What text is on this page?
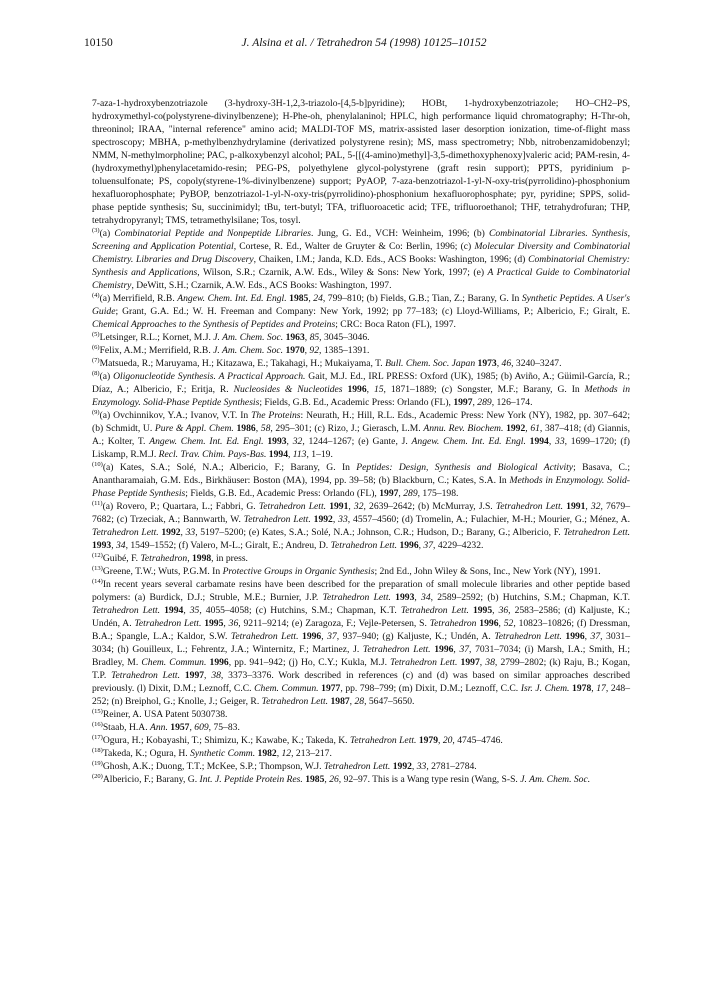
10150	J. Alsina et al. / Tetrahedron 54 (1998) 10125–10152

7-aza-1-hydroxybenzotriazole (3-hydroxy-3H-1,2,3-triazolo-[4,5-b]pyridine); HOBt, 1-hydroxybenzotriazole; HO–CH2–PS, hydroxymethyl-co(polystyrene-divinylbenzene); H-Phe-oh, phenylalaninol; HPLC, high performance liquid chromatography; H-Thr-oh, threoninol; IRAA, "internal reference" amino acid; MALDI-TOF MS, matrix-assisted laser desorption ionization, time-of-flight mass spectroscopy; MBHA, p-methylbenzhydrylamine (derivatized polystyrene resin); MS, mass spectrometry; Nbb, nitrobenzamidobenzyl; NMM, N-methylmorpholine; PAC, p-alkoxybenzyl alcohol; PAL, 5-[[(4-amino)methyl]-3,5-dimethoxyphenoxy]valeric acid; PAM-resin, 4-(hydroxymethyl)phenylacetamido-resin; PEG-PS, polyethylene glycol-polystyrene (graft resin support); PPTS, pyridinium p-toluensulfonate; PS, copoly(styrene-1%-divinylbenzene) support; PyAOP, 7-aza-benzotriazol-1-yl-N-oxy-tris(pyrrolidino)-phosphonium hexafluorophosphate; PyBOP, benzotriazol-1-yl-N-oxy-tris(pyrrolidino)-phosphonium hexafluorophosphate; pyr, pyridine; SPPS, solid-phase peptide synthesis; Su, succinimidyl; tBu, tert-butyl; TFA, trifluoroacetic acid; TFE, trifluoroethanol; THF, tetrahydrofuran; THP, tetrahydropyranyl; TMS, tetramethylsilane; Tos, tosyl.

$^{(3)}$(a) Combinatorial Peptide and Nonpeptide Libraries. Jung, G. Ed., VCH: Weinheim, 1996; (b) Combinatorial Libraries. Synthesis, Screening and Application Potential, Cortese, R. Ed., Walter de Gruyter & Co: Berlin, 1996; (c) Molecular Diversity and Combinatorial Chemistry. Libraries and Drug Discovery, Chaiken, I.M.; Janda, K.D. Eds., ACS Books: Washington, 1996; (d) Combinatorial Chemistry: Synthesis and Applications, Wilson, S.R.; Czarnik, A.W. Eds., Wiley & Sons: New York, 1997; (e) A Practical Guide to Combinatorial Chemistry, DeWitt, S.H.; Czarnik, A.W. Eds., ACS Books: Washington, 1997.

$^{(4)}$(a) Merrifield, R.B. Angew. Chem. Int. Ed. Engl. 1985, 24, 799–810; (b) Fields, G.B.; Tian, Z.; Barany, G. In Synthetic Peptides. A User's Guide; Grant, G.A. Ed.; W. H. Freeman and Company: New York, 1992; pp 77–183; (c) Lloyd-Williams, P.; Albericio, F.; Giralt, E. Chemical Approaches to the Synthesis of Peptides and Proteins; CRC: Boca Raton (FL), 1997.

$^{(5)}$Letsinger, R.L.; Kornet, M.J. J. Am. Chem. Soc. 1963, 85, 3045–3046.

$^{(6)}$Felix, A.M.; Merrifield, R.B. J. Am. Chem. Soc. 1970, 92, 1385–1391.

$^{(7)}$Matsueda, R.; Maruyama, H.; Kitazawa, E.; Takahagi, H.; Mukaiyama, T. Bull. Chem. Soc. Japan 1973, 46, 3240–3247.

$^{(8)}$(a) Oligonucleotide Synthesis. A Practical Approach. Gait, M.J. Ed., IRL PRESS: Oxford (UK), 1985; (b) Aviño, A.; Güimil-García, R.; Díaz, A.; Albericio, F.; Eritja, R. Nucleosides & Nucleotides 1996, 15, 1871–1889; (c) Songster, M.F.; Barany, G. In Methods in Enzymology. Solid-Phase Peptide Synthesis; Fields, G.B. Ed., Academic Press: Orlando (FL), 1997, 289, 126–174.

$^{(9)}$(a) Ovchinnikov, Y.A.; Ivanov, V.T. In The Proteins: Neurath, H.; Hill, R.L. Eds., Academic Press: New York (NY), 1982, pp. 307–642; (b) Schmidt, U. Pure & Appl. Chem. 1986, 58, 295–301; (c) Rizo, J.; Gierasch, L.M. Annu. Rev. Biochem. 1992, 61, 387–418; (d) Giannis, A.; Kolter, T. Angew. Chem. Int. Ed. Engl. 1993, 32, 1244–1267; (e) Gante, J. Angew. Chem. Int. Ed. Engl. 1994, 33, 1699–1720; (f) Liskamp, R.M.J. Recl. Trav. Chim. Pays-Bas. 1994, 113, 1–19.

$^{(10)}$(a) Kates, S.A.; Solé, N.A.; Albericio, F.; Barany, G. In Peptides: Design, Synthesis and Biological Activity; Basava, C.; Anantharamaiah, G.M. Eds., Birkhäuser: Boston (MA), 1994, pp. 39–58; (b) Blackburn, C.; Kates, S.A. In Methods in Enzymology. Solid-Phase Peptide Synthesis; Fields, G.B. Ed., Academic Press: Orlando (FL), 1997, 289, 175–198.

$^{(11)}$(a) Rovero, P.; Quartara, L.; Fabbri, G. Tetrahedron Lett. 1991, 32, 2639–2642; (b) McMurray, J.S. Tetrahedron Lett. 1991, 32, 7679–7682; (c) Trzeciak, A.; Bannwarth, W. Tetrahedron Lett. 1992, 33, 4557–4560; (d) Tromelin, A.; Fulachier, M-H.; Mourier, G.; Ménez, A. Tetrahedron Lett. 1992, 33, 5197–5200; (e) Kates, S.A.; Solé, N.A.; Johnson, C.R.; Hudson, D.; Barany, G.; Albericio, F. Tetrahedron Lett. 1993, 34, 1549–1552; (f) Valero, M-L.; Giralt, E.; Andreu, D. Tetrahedron Lett. 1996, 37, 4229–4232.

$^{(12)}$Guibé, F. Tetrahedron, 1998, in press.

$^{(13)}$Greene, T.W.; Wuts, P.G.M. In Protective Groups in Organic Synthesis; 2nd Ed., John Wiley & Sons, Inc., New York (NY), 1991.

$^{(14)}$In recent years several carbamate resins have been described for the preparation of small molecule libraries and other peptide based polymers: (a) Burdick, D.J.; Struble, M.E.; Burnier, J.P. Tetrahedron Lett. 1993, 34, 2589–2592; (b) Hutchins, S.M.; Chapman, K.T. Tetrahedron Lett. 1994, 35, 4055–4058; (c) Hutchins, S.M.; Chapman, K.T. Tetrahedron Lett. 1995, 36, 2583–2586; (d) Kaljuste, K.; Undén, A. Tetrahedron Lett. 1995, 36, 9211–9214; (e) Zaragoza, F.; Vejle-Petersen, S. Tetrahedron 1996, 52, 10823–10826; (f) Dressman, B.A.; Spangle, L.A.; Kaldor, S.W. Tetrahedron Lett. 1996, 37, 937–940; (g) Kaljuste, K.; Undén, A. Tetrahedron Lett. 1996, 37, 3031–3034; (h) Gouilleux, L.; Fehrentz, J.A.; Winternitz, F.; Martinez, J. Tetrahedron Lett. 1996, 37, 7031–7034; (i) Marsh, I.A.; Smith, H.; Bradley, M. Chem. Commun. 1996, pp. 941–942; (j) Ho, C.Y.; Kukla, M.J. Tetrahedron Lett. 1997, 38, 2799–2802; (k) Raju, B.; Kogan, T.P. Tetrahedron Lett. 1997, 38, 3373–3376. Work described in references (c) and (d) was based on similar approaches described previously. (l) Dixit, D.M.; Leznoff, C.C. Chem. Commun. 1977, pp. 798–799; (m) Dixit, D.M.; Leznoff, C.C. Isr. J. Chem. 1978, 17, 248–252; (n) Breiphol, G.; Knolle, J.; Geiger, R. Tetrahedron Lett. 1987, 28, 5647–5650.

$^{(15)}$Reiner, A. USA Patent 5030738.

$^{(16)}$Staab, H.A. Ann. 1957, 609, 75–83.

$^{(17)}$Ogura, H.; Kobayashi, T.; Shimizu, K.; Kawabe, K.; Takeda, K. Tetrahedron Lett. 1979, 20, 4745–4746.

$^{(18)}$Takeda, K.; Ogura, H. Synthetic Comm. 1982, 12, 213–217.

$^{(19)}$Ghosh, A.K.; Duong, T.T.; McKee, S.P.; Thompson, W.J. Tetrahedron Lett. 1992, 33, 2781–2784.

$^{(20)}$Albericio, F.; Barany, G. Int. J. Peptide Protein Res. 1985, 26, 92–97. This is a Wang type resin (Wang, S-S. J. Am. Chem. Soc.
